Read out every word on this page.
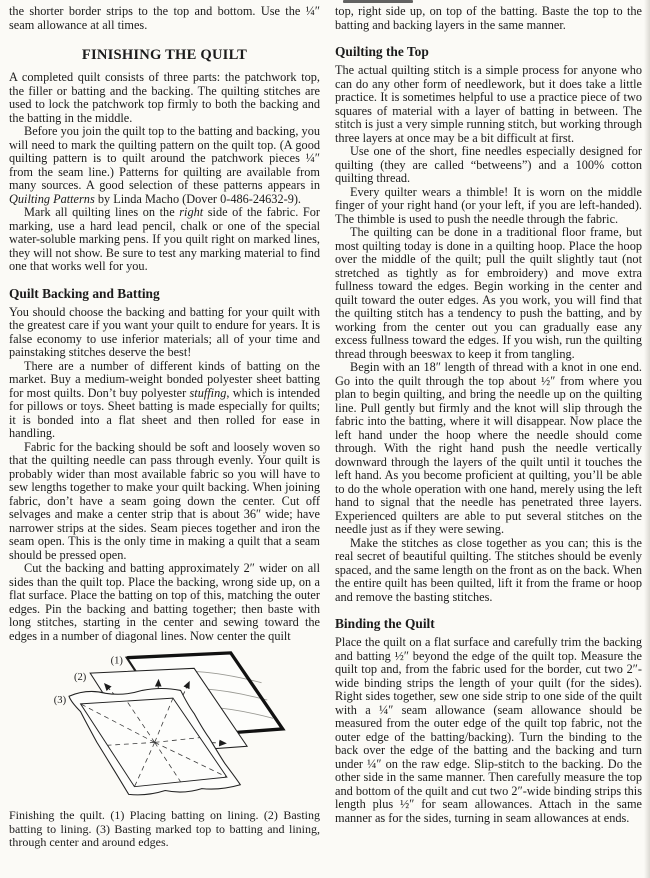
the shorter border strips to the top and bottom. Use the ¼″ seam allowance at all times.

FINISHING THE QUILT

A completed quilt consists of three parts: the patchwork top, the filler or batting and the backing. The quilting stitches are used to lock the patchwork top firmly to both the backing and the batting in the middle.

Before you join the quilt top to the batting and backing, you will need to mark the quilting pattern on the quilt top. (A good quilting pattern is to quilt around the patchwork pieces ¼″ from the seam line.) Patterns for quilting are available from many sources. A good selection of these patterns appears in Quilting Patterns by Linda Macho (Dover 0-486-24632-9).

Mark all quilting lines on the right side of the fabric. For marking, use a hard lead pencil, chalk or one of the special water-soluble marking pens. If you quilt right on marked lines, they will not show. Be sure to test any marking material to find one that works well for you.

Quilt Backing and Batting

You should choose the backing and batting for your quilt with the greatest care if you want your quilt to endure for years. It is false economy to use inferior materials; all of your time and painstaking stitches deserve the best!

There are a number of different kinds of batting on the market. Buy a medium-weight bonded polyester sheet batting for most quilts. Don’t buy polyester stuffing, which is intended for pillows or toys. Sheet batting is made especially for quilts; it is bonded into a flat sheet and then rolled for ease in handling.

Fabric for the backing should be soft and loosely woven so that the quilting needle can pass through evenly. Your quilt is probably wider than most available fabric so you will have to sew lengths together to make your quilt backing. When joining fabric, don’t have a seam going down the center. Cut off selvages and make a center strip that is about 36″ wide; have narrower strips at the sides. Seam pieces together and iron the seam open. This is the only time in making a quilt that a seam should be pressed open.

Cut the backing and batting approximately 2″ wider on all sides than the quilt top. Place the backing, wrong side up, on a flat surface. Place the batting on top of this, matching the outer edges. Pin the backing and batting together; then baste with long stitches, starting in the center and sewing toward the edges in a number of diagonal lines. Now center the quilt

(1)
(2)
(3)

Finishing the quilt. (1) Placing batting on lining. (2) Basting batting to lining. (3) Basting marked top to batting and lining, through center and around edges.

top, right side up, on top of the batting. Baste the top to the batting and backing layers in the same manner.

Quilting the Top

The actual quilting stitch is a simple process for anyone who can do any other form of needlework, but it does take a little practice. It is sometimes helpful to use a practice piece of two squares of material with a layer of batting in between. The stitch is just a very simple running stitch, but working through three layers at once may be a bit difficult at first.

Use one of the short, fine needles especially designed for quilting (they are called “betweens”) and a 100% cotton quilting thread.

Every quilter wears a thimble! It is worn on the middle finger of your right hand (or your left, if you are left-handed). The thimble is used to push the needle through the fabric.

The quilting can be done in a traditional floor frame, but most quilting today is done in a quilting hoop. Place the hoop over the middle of the quilt; pull the quilt slightly taut (not stretched as tightly as for embroidery) and move extra fullness toward the edges. Begin working in the center and quilt toward the outer edges. As you work, you will find that the quilting stitch has a tendency to push the batting, and by working from the center out you can gradually ease any excess fullness toward the edges. If you wish, run the quilting thread through beeswax to keep it from tangling.

Begin with an 18″ length of thread with a knot in one end. Go into the quilt through the top about ½″ from where you plan to begin quilting, and bring the needle up on the quilting line. Pull gently but firmly and the knot will slip through the fabric into the batting, where it will disappear. Now place the left hand under the hoop where the needle should come through. With the right hand push the needle vertically downward through the layers of the quilt until it touches the left hand. As you become proficient at quilting, you’ll be able to do the whole operation with one hand, merely using the left hand to signal that the needle has penetrated three layers. Experienced quilters are able to put several stitches on the needle just as if they were sewing.

Make the stitches as close together as you can; this is the real secret of beautiful quilting. The stitches should be evenly spaced, and the same length on the front as on the back. When the entire quilt has been quilted, lift it from the frame or hoop and remove the basting stitches.

Binding the Quilt

Place the quilt on a flat surface and carefully trim the backing and batting ½″ beyond the edge of the quilt top. Measure the quilt top and, from the fabric used for the border, cut two 2″-wide binding strips the length of your quilt (for the sides). Right sides together, sew one side strip to one side of the quilt with a ¼″ seam allowance (seam allowance should be measured from the outer edge of the quilt top fabric, not the outer edge of the batting/backing). Turn the binding to the back over the edge of the batting and the backing and turn under ¼″ on the raw edge. Slip-stitch to the backing. Do the other side in the same manner. Then carefully measure the top and bottom of the quilt and cut two 2″-wide binding strips this length plus ½″ for seam allowances. Attach in the same manner as for the sides, turning in seam allowances at ends.
